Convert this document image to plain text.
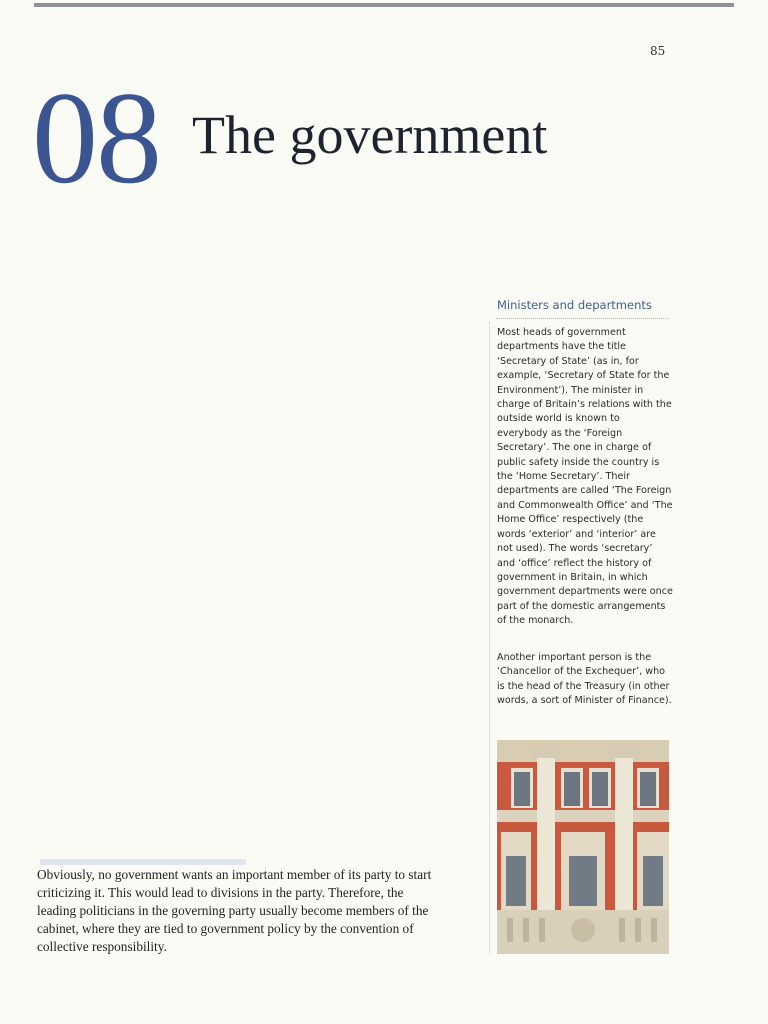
85
08 The government
Ministers and departments

Most heads of government departments have the title ‘Secretary of State’ (as in, for example, ‘Secretary of State for the Environment’). The minister in charge of Britain’s relations with the outside world is known to everybody as the ‘Foreign Secretary’. The one in charge of public safety inside the country is the ‘Home Secretary’. Their departments are called ‘The Foreign and Commonwealth Office’ and ‘The Home Office’ respectively (the words ‘exterior’ and ‘interior’ are not used). The words ‘secretary’ and ‘office’ reflect the history of government in Britain, in which government departments were once part of the domestic arrangements of the monarch.

Another important person is the ‘Chancellor of the Exchequer’, who is the head of the Treasury (in other words, a sort of Minister of Finance).

Obviously, no government wants an important member of its party to start criticizing it. This would lead to divisions in the party. Therefore, the leading politicians in the governing party usually become members of the cabinet, where they are tied to government policy by the convention of collective responsibility.
